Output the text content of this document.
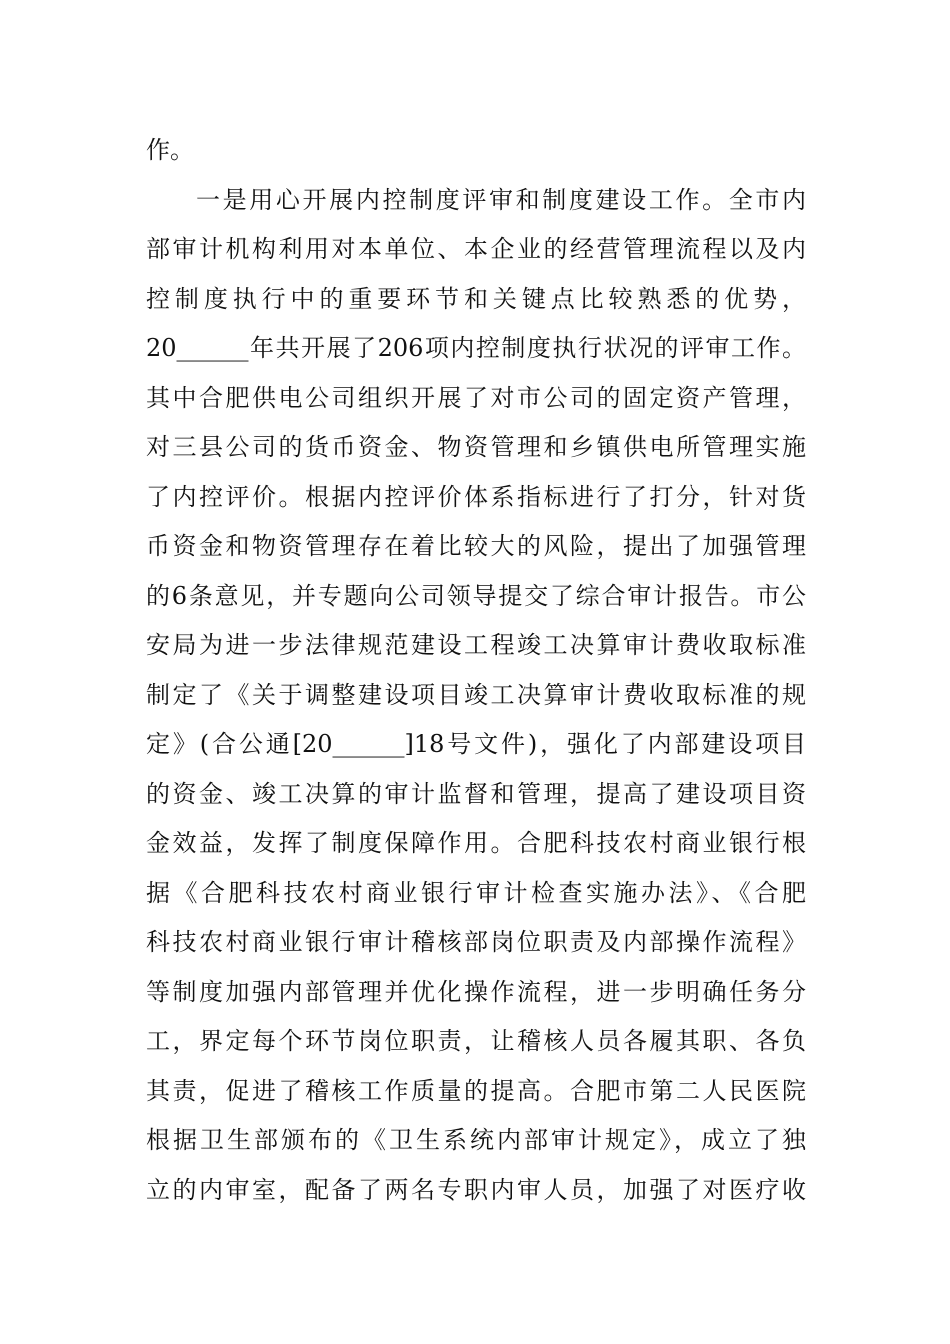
作。
一是用心开展内控制度评审和制度建设工作。全市内
部审计机构利用对本单位、本企业的经营管理流程以及内
控制度执行中的重要环节和关键点比较熟悉的优势，
20______年共开展了206项内控制度执行状况的评审工作。
其中合肥供电公司组织开展了对市公司的固定资产管理，
对三县公司的货币资金、物资管理和乡镇供电所管理实施
了内控评价。根据内控评价体系指标进行了打分，针对货
币资金和物资管理存在着比较大的风险，提出了加强管理
的6条意见，并专题向公司领导提交了综合审计报告。市公
安局为进一步法律规范建设工程竣工决算审计费收取标准
制定了《关于调整建设项目竣工决算审计费收取标准的规
定》(合公通[20______]18号文件)，强化了内部建设项目
的资金、竣工决算的审计监督和管理，提高了建设项目资
金效益，发挥了制度保障作用。合肥科技农村商业银行根
据《合肥科技农村商业银行审计检查实施办法》、《合肥
科技农村商业银行审计稽核部岗位职责及内部操作流程》
等制度加强内部管理并优化操作流程，进一步明确任务分
工，界定每个环节岗位职责，让稽核人员各履其职、各负
其责，促进了稽核工作质量的提高。合肥市第二人民医院
根据卫生部颁布的《卫生系统内部审计规定》，成立了独
立的内审室，配备了两名专职内审人员，加强了对医疗收
